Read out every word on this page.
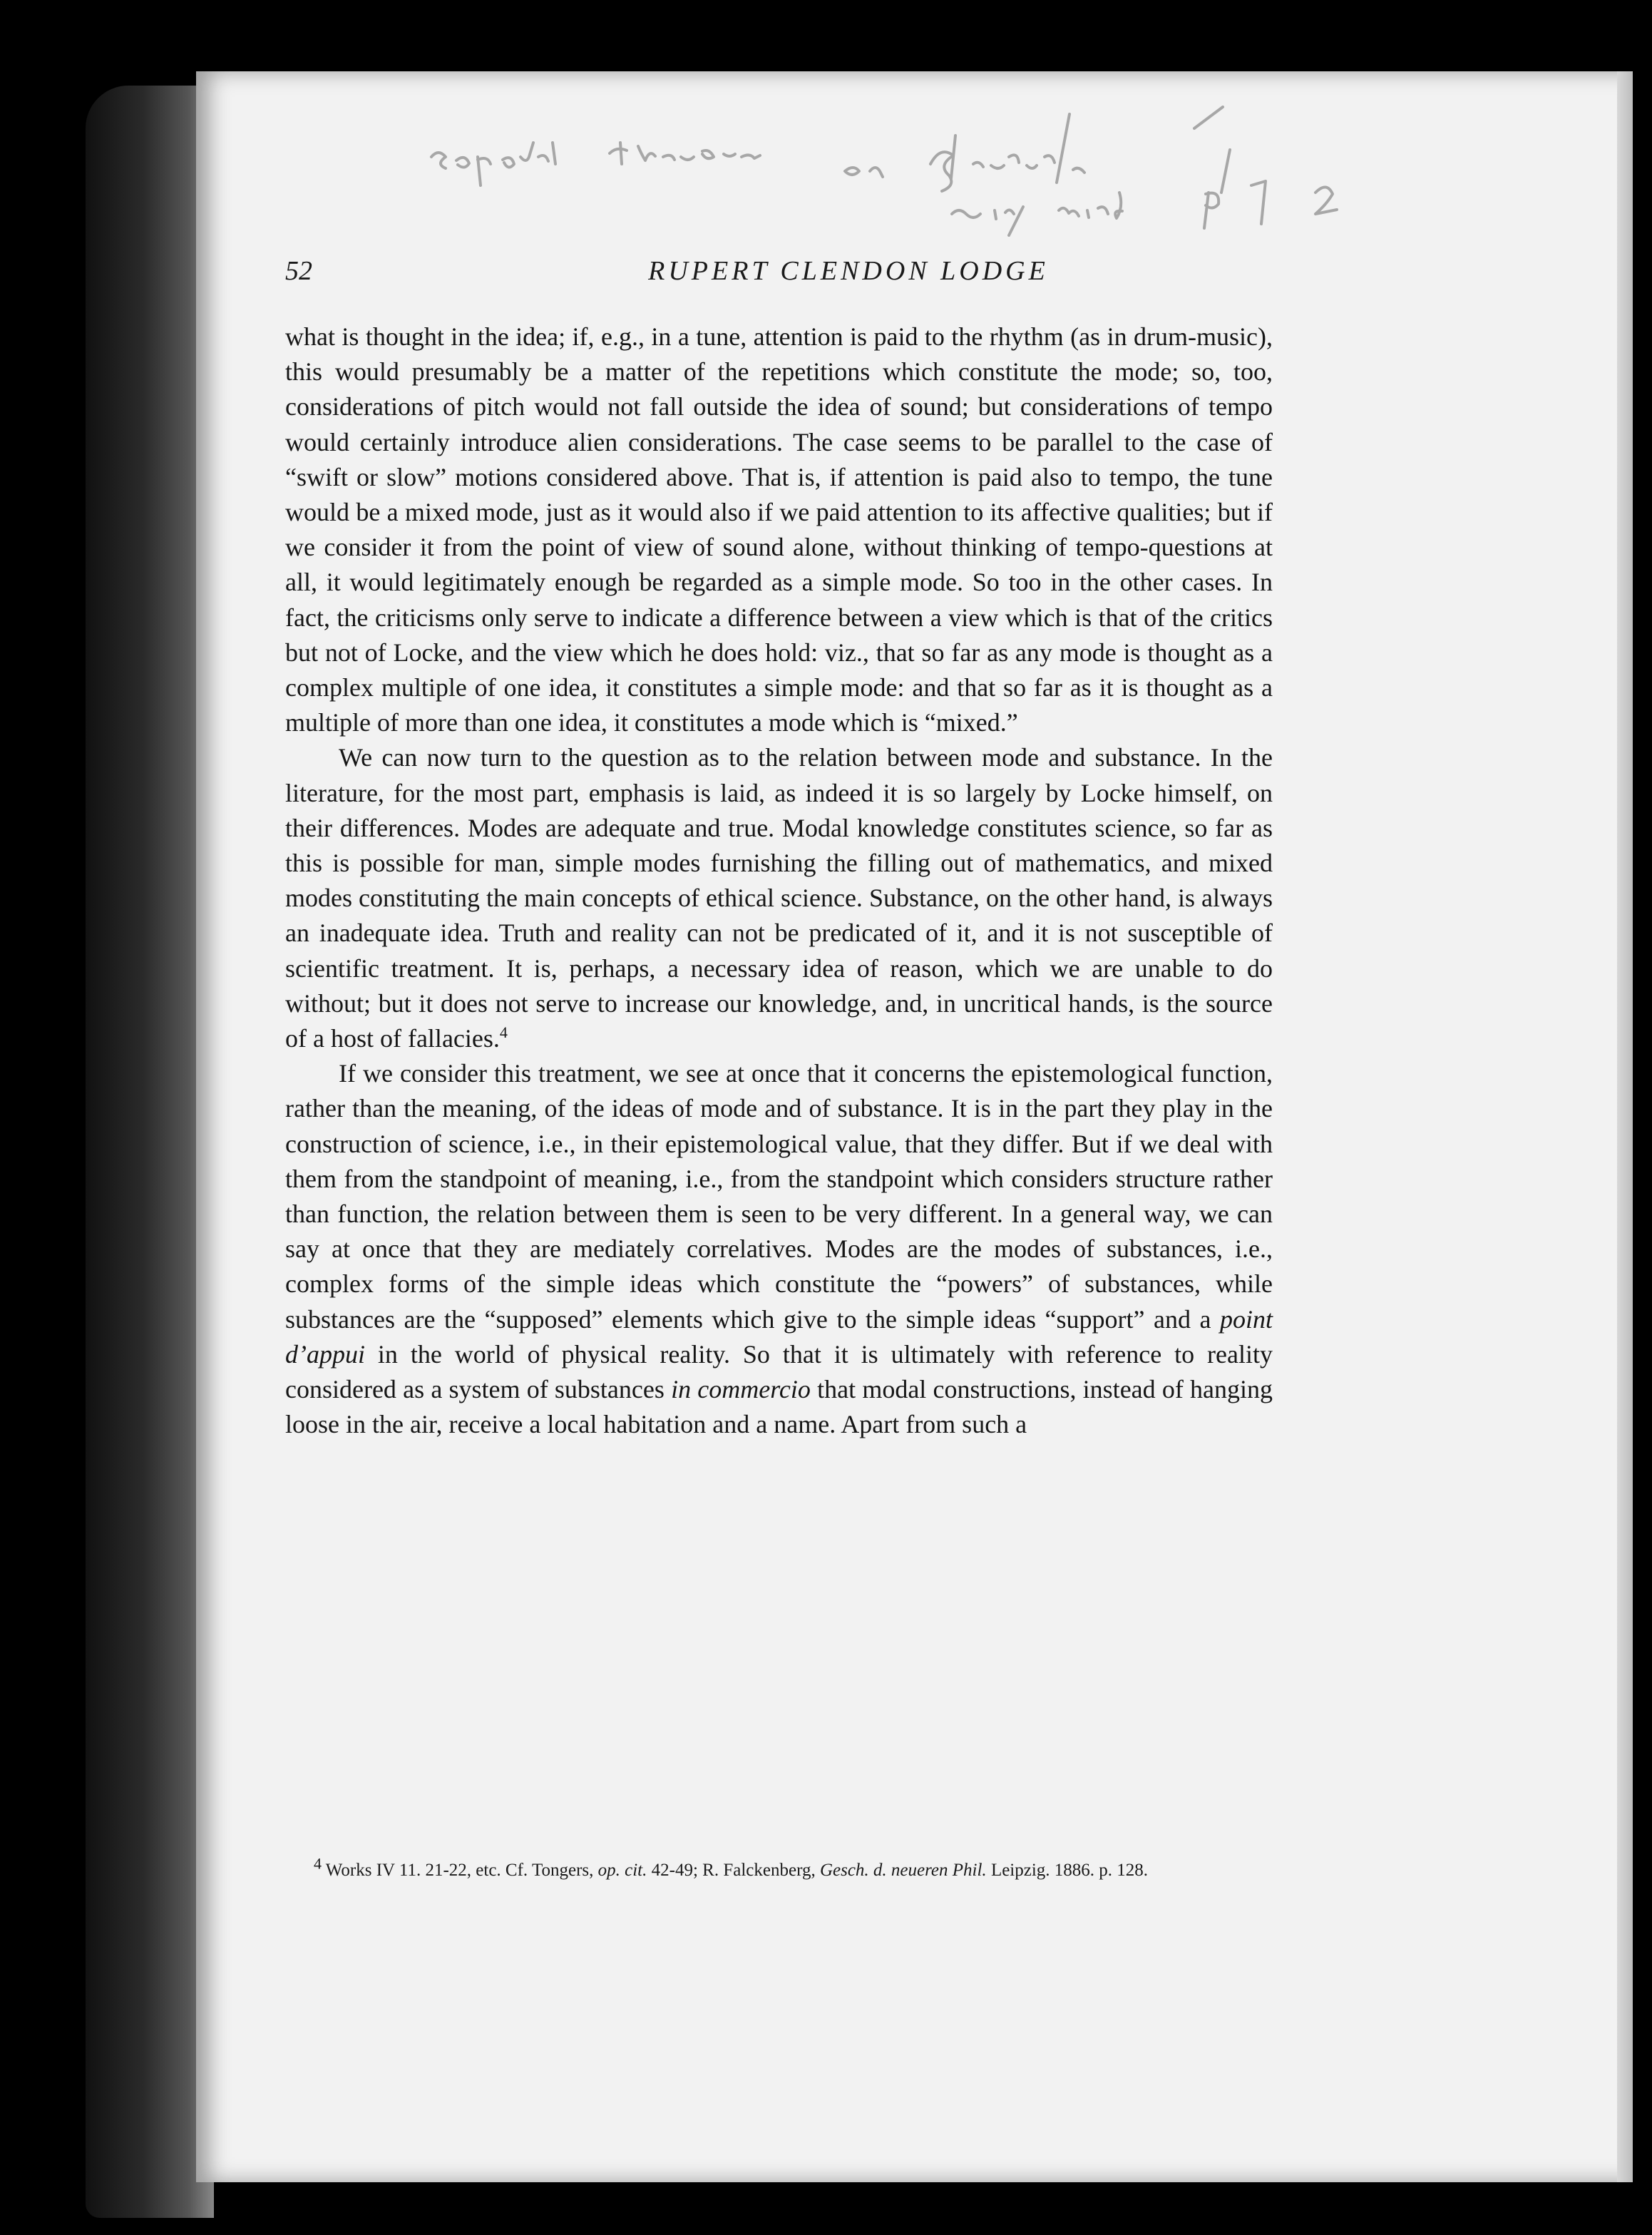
52	RUPERT CLENDON LODGE

what is thought in the idea; if, e.g., in a tune, attention is paid to the rhythm (as in drum-music), this would presumably be a matter of the repetitions which constitute the mode; so, too, considerations of pitch would not fall outside the idea of sound; but considerations of tempo would certainly introduce alien considerations. The case seems to be parallel to the case of “swift or slow” motions considered above. That is, if attention is paid also to tempo, the tune would be a mixed mode, just as it would also if we paid attention to its affective qualities; but if we consider it from the point of view of sound alone, without thinking of tempo-questions at all, it would legitimately enough be regarded as a simple mode. So too in the other cases. In fact, the criticisms only serve to indicate a difference between a view which is that of the critics but not of Locke, and the view which he does hold: viz., that so far as any mode is thought as a complex multiple of one idea, it constitutes a simple mode: and that so far as it is thought as a multiple of more than one idea, it constitutes a mode which is “mixed.”

We can now turn to the question as to the relation between mode and substance. In the literature, for the most part, emphasis is laid, as indeed it is so largely by Locke himself, on their differences. Modes are adequate and true. Modal knowledge constitutes science, so far as this is possible for man, simple modes furnishing the filling out of mathematics, and mixed modes constituting the main concepts of ethical science. Substance, on the other hand, is always an inadequate idea. Truth and reality can not be predicated of it, and it is not susceptible of scientific treatment. It is, perhaps, a necessary idea of reason, which we are unable to do without; but it does not serve to increase our knowledge, and, in uncritical hands, is the source of a host of fallacies.$^4$

If we consider this treatment, we see at once that it concerns the epistemological function, rather than the meaning, of the ideas of mode and of substance. It is in the part they play in the construction of science, i.e., in their epistemological value, that they differ. But if we deal with them from the standpoint of meaning, i.e., from the standpoint which considers structure rather than function, the relation between them is seen to be very different. In a general way, we can say at once that they are mediately correlatives. Modes are the modes of substances, i.e., complex forms of the simple ideas which constitute the “powers” of substances, while substances are the “supposed” elements which give to the simple ideas “support” and a point d’appui in the world of physical reality. So that it is ultimately with reference to reality considered as a system of substances in commercio that modal constructions, instead of hanging loose in the air, receive a local habitation and a name. Apart from such a

$^4$ Works IV 11. 21-22, etc. Cf. Tongers, op. cit. 42-49; R. Falckenberg, Gesch. d. neueren Phil. Leipzig. 1886. p. 128.
